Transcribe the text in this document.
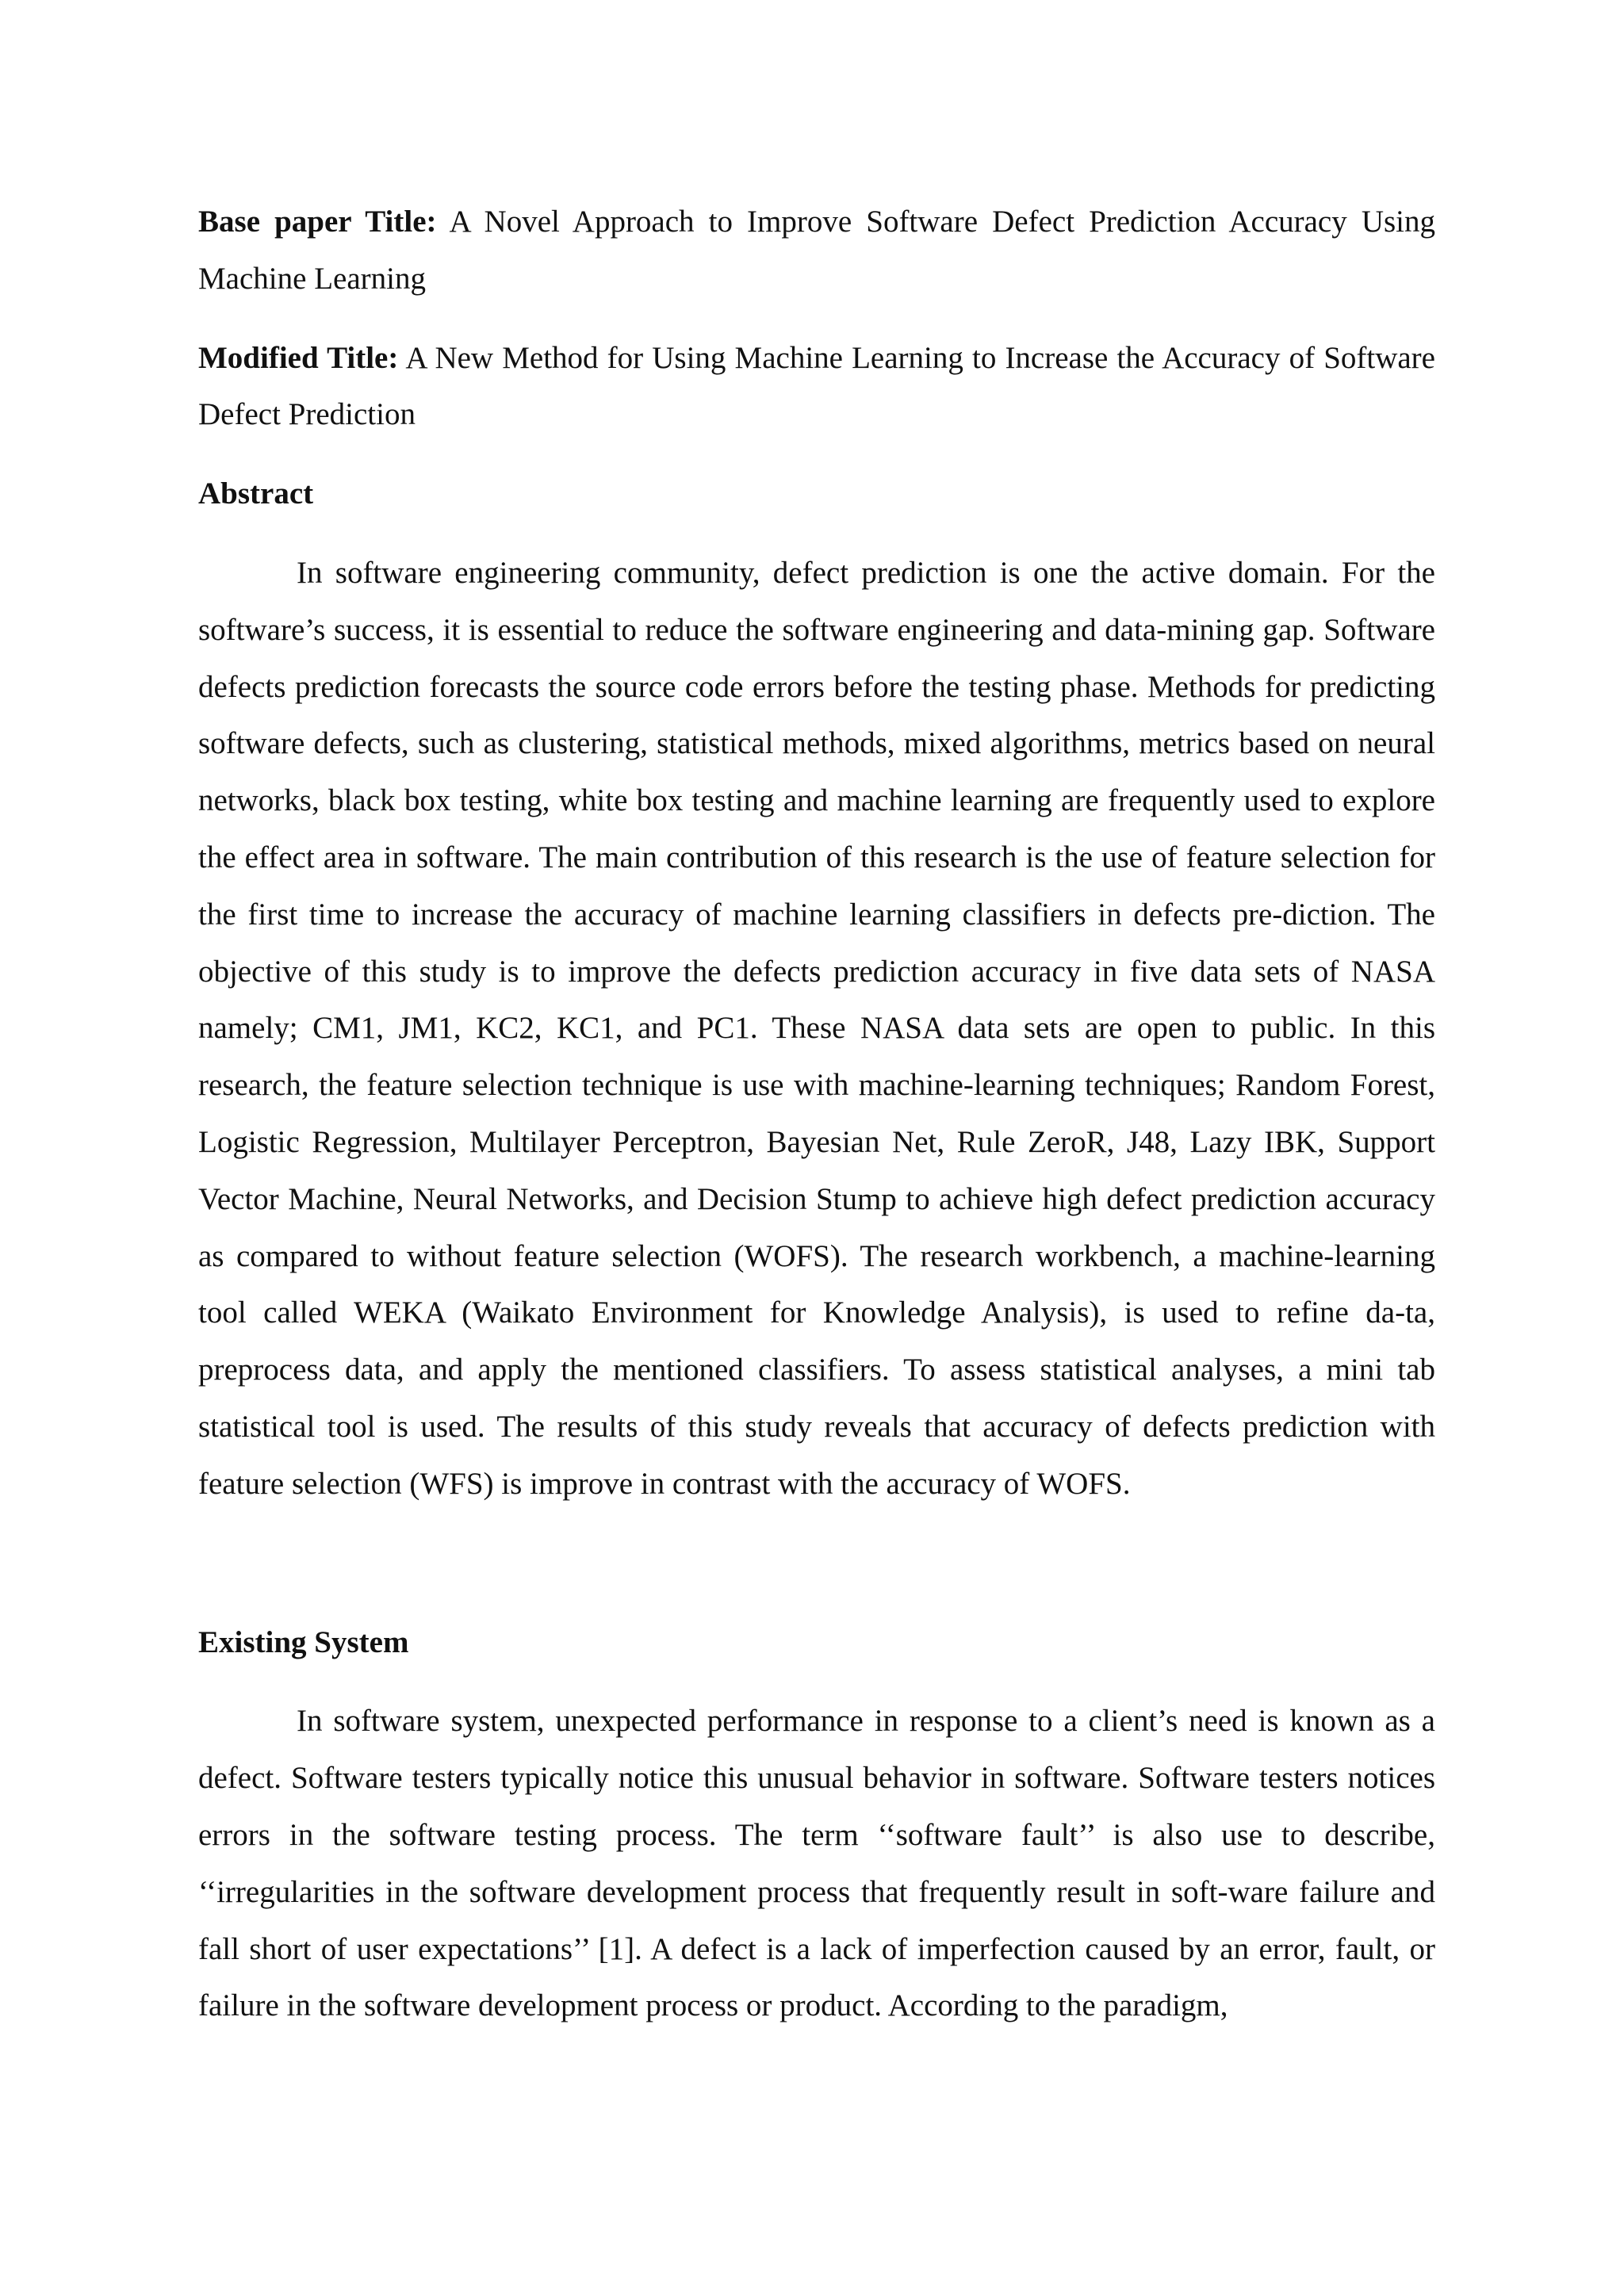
Base paper Title: A Novel Approach to Improve Software Defect Prediction Accuracy Using Machine Learning

Modified Title: A New Method for Using Machine Learning to Increase the Accuracy of Software Defect Prediction

Abstract

In software engineering community, defect prediction is one the active domain. For the software’s success, it is essential to reduce the software engineering and data-mining gap. Software defects prediction forecasts the source code errors before the testing phase. Methods for predicting software defects, such as clustering, statistical methods, mixed algorithms, metrics based on neural networks, black box testing, white box testing and machine learning are frequently used to explore the effect area in software. The main contribution of this research is the use of feature selection for the first time to increase the accuracy of machine learning classifiers in defects pre-diction. The objective of this study is to improve the defects prediction accuracy in five data sets of NASA namely; CM1, JM1, KC2, KC1, and PC1. These NASA data sets are open to public. In this research, the feature selection technique is use with machine-learning techniques; Random Forest, Logistic Regression, Multilayer Perceptron, Bayesian Net, Rule ZeroR, J48, Lazy IBK, Support Vector Machine, Neural Networks, and Decision Stump to achieve high defect prediction accuracy as compared to without feature selection (WOFS). The research workbench, a machine-learning tool called WEKA (Waikato Environment for Knowledge Analysis), is used to refine da-ta, preprocess data, and apply the mentioned classifiers. To assess statistical analyses, a mini tab statistical tool is used. The results of this study reveals that accuracy of defects prediction with feature selection (WFS) is improve in contrast with the accuracy of WOFS.

Existing System

In software system, unexpected performance in response to a client’s need is known as a defect. Software testers typically notice this unusual behavior in software. Software testers notices errors in the software testing process. The term ‘‘software fault’’ is also use to describe, ‘‘irregularities in the software development process that frequently result in soft-ware failure and fall short of user expectations’’ [1]. A defect is a lack of imperfection caused by an error, fault, or failure in the software development process or product. According to the paradigm,
